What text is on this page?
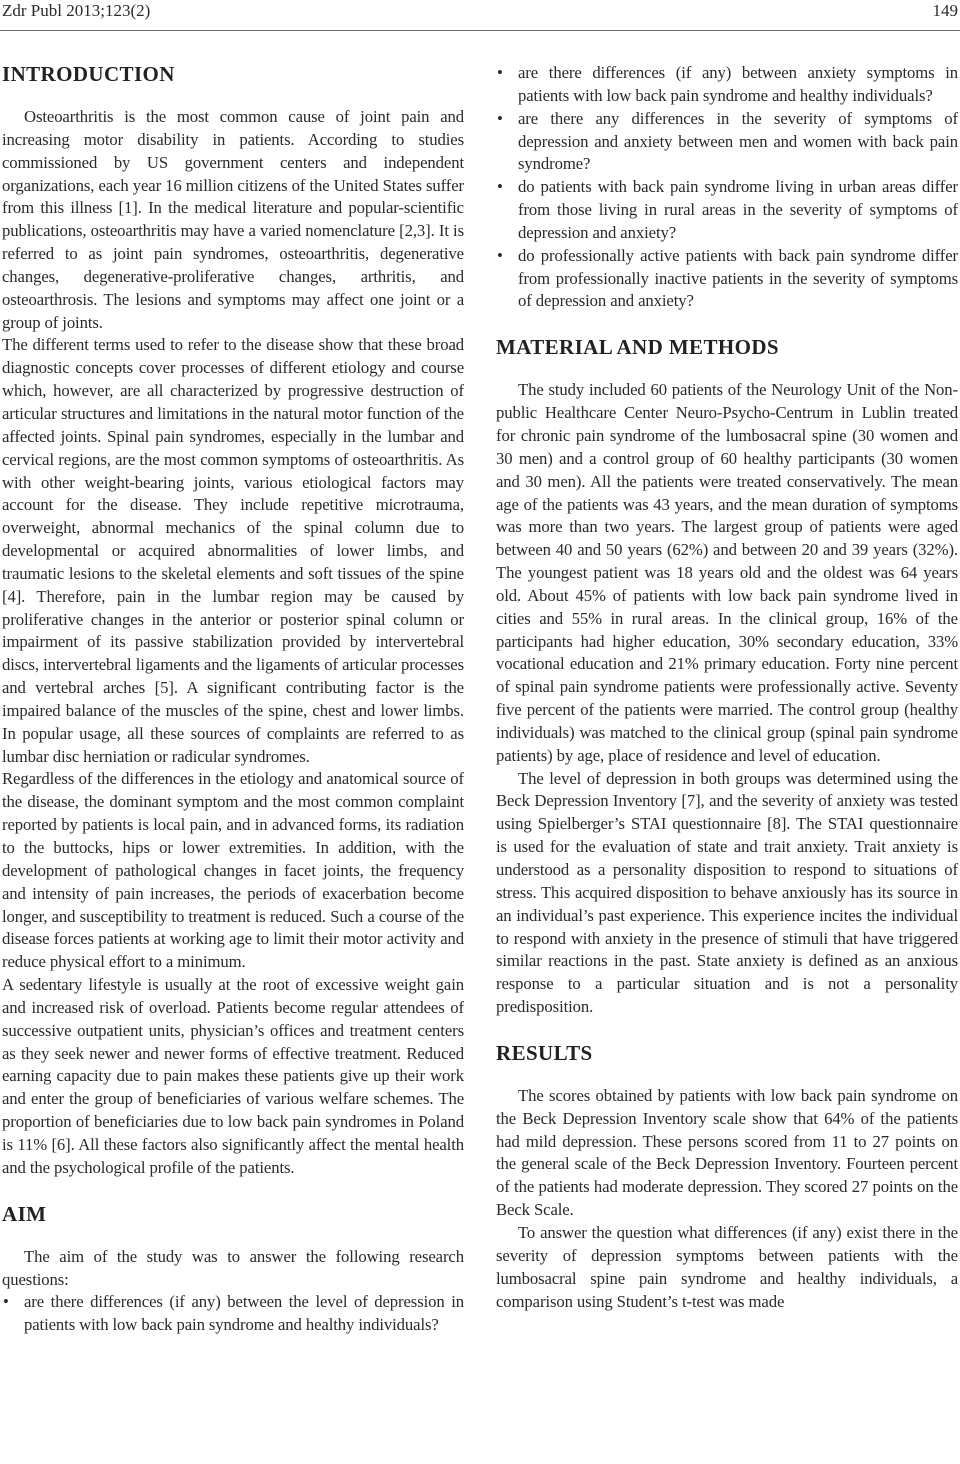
Zdr Publ 2013;123(2)	149
INTRODUCTION

Osteoarthritis is the most common cause of joint pain and increasing motor disability in patients. According to studies commissioned by US government centers and independent organizations, each year 16 million citizens of the United States suffer from this illness [1]. In the medical literature and popular-scientific publications, osteoarthritis may have a varied nomenclature [2,3]. It is referred to as joint pain syndromes, osteoarthritis, degenerative changes, degenerative-proliferative changes, arthritis, and osteoarthrosis. The lesions and symptoms may affect one joint or a group of joints.

The different terms used to refer to the disease show that these broad diagnostic concepts cover processes of different etiology and course which, however, are all characterized by progressive destruction of articular structures and limitations in the natural motor function of the affected joints. Spinal pain syndromes, especially in the lumbar and cervical regions, are the most common symptoms of osteoarthritis. As with other weight-bearing joints, various etiological factors may account for the disease. They include repetitive microtrauma, overweight, abnormal mechanics of the spinal column due to developmental or acquired abnormalities of lower limbs, and traumatic lesions to the skeletal elements and soft tissues of the spine [4]. Therefore, pain in the lumbar region may be caused by proliferative changes in the anterior or posterior spinal column or impairment of its passive stabilization provided by intervertebral discs, intervertebral ligaments and the ligaments of articular processes and vertebral arches [5]. A significant contributing factor is the impaired balance of the muscles of the spine, chest and lower limbs. In popular usage, all these sources of complaints are referred to as lumbar disc herniation or radicular syndromes.

Regardless of the differences in the etiology and anatomical source of the disease, the dominant symptom and the most common complaint reported by patients is local pain, and in advanced forms, its radiation to the buttocks, hips or lower extremities. In addition, with the development of pathological changes in facet joints, the frequency and intensity of pain increases, the periods of exacerbation become longer, and susceptibility to treatment is reduced. Such a course of the disease forces patients at working age to limit their motor activity and reduce physical effort to a minimum.

A sedentary lifestyle is usually at the root of excessive weight gain and increased risk of overload. Patients become regular attendees of successive outpatient units, physician’s offices and treatment centers as they seek newer and newer forms of effective treatment. Reduced earning capacity due to pain makes these patients give up their work and enter the group of beneficiaries of various welfare schemes. The proportion of beneficiaries due to low back pain syndromes in Poland is 11% [6]. All these factors also significantly affect the mental health and the psychological profile of the patients.

AIM

The aim of the study was to answer the following research questions:

• are there differences (if any) between the level of depression in patients with low back pain syndrome and healthy individuals?
• are there differences (if any) between anxiety symptoms in patients with low back pain syndrome and healthy individuals?
• are there any differences in the severity of symptoms of depression and anxiety between men and women with back pain syndrome?
• do patients with back pain syndrome living in urban areas differ from those living in rural areas in the severity of symptoms of depression and anxiety?
• do professionally active patients with back pain syndrome differ from professionally inactive patients in the severity of symptoms of depression and anxiety?
MATERIAL AND METHODS

The study included 60 patients of the Neurology Unit of the Non-public Healthcare Center Neuro-Psycho-Centrum in Lublin treated for chronic pain syndrome of the lumbosacral spine (30 women and 30 men) and a control group of 60 healthy participants (30 women and 30 men). All the patients were treated conservatively. The mean age of the patients was 43 years, and the mean duration of symptoms was more than two years. The largest group of patients were aged between 40 and 50 years (62%) and between 20 and 39 years (32%). The youngest patient was 18 years old and the oldest was 64 years old. About 45% of patients with low back pain syndrome lived in cities and 55% in rural areas. In the clinical group, 16% of the participants had higher education, 30% secondary education, 33% vocational education and 21% primary education. Forty nine percent of spinal pain syndrome patients were professionally active. Seventy five percent of the patients were married. The control group (healthy individuals) was matched to the clinical group (spinal pain syndrome patients) by age, place of residence and level of education.

The level of depression in both groups was determined using the Beck Depression Inventory [7], and the severity of anxiety was tested using Spielberger’s STAI questionnaire [8]. The STAI questionnaire is used for the evaluation of state and trait anxiety. Trait anxiety is understood as a personality disposition to respond to situations of stress. This acquired disposition to behave anxiously has its source in an individual’s past experience. This experience incites the individual to respond with anxiety in the presence of stimuli that have triggered similar reactions in the past. State anxiety is defined as an anxious response to a particular situation and is not a personality predisposition.

RESULTS

The scores obtained by patients with low back pain syndrome on the Beck Depression Inventory scale show that 64% of the patients had mild depression. These persons scored from 11 to 27 points on the general scale of the Beck Depression Inventory. Fourteen percent of the patients had moderate depression. They scored 27 points on the Beck Scale.

To answer the question what differences (if any) exist there in the severity of depression symptoms between patients with the lumbosacral spine pain syndrome and healthy individuals, a comparison using Student’s t-test was made
